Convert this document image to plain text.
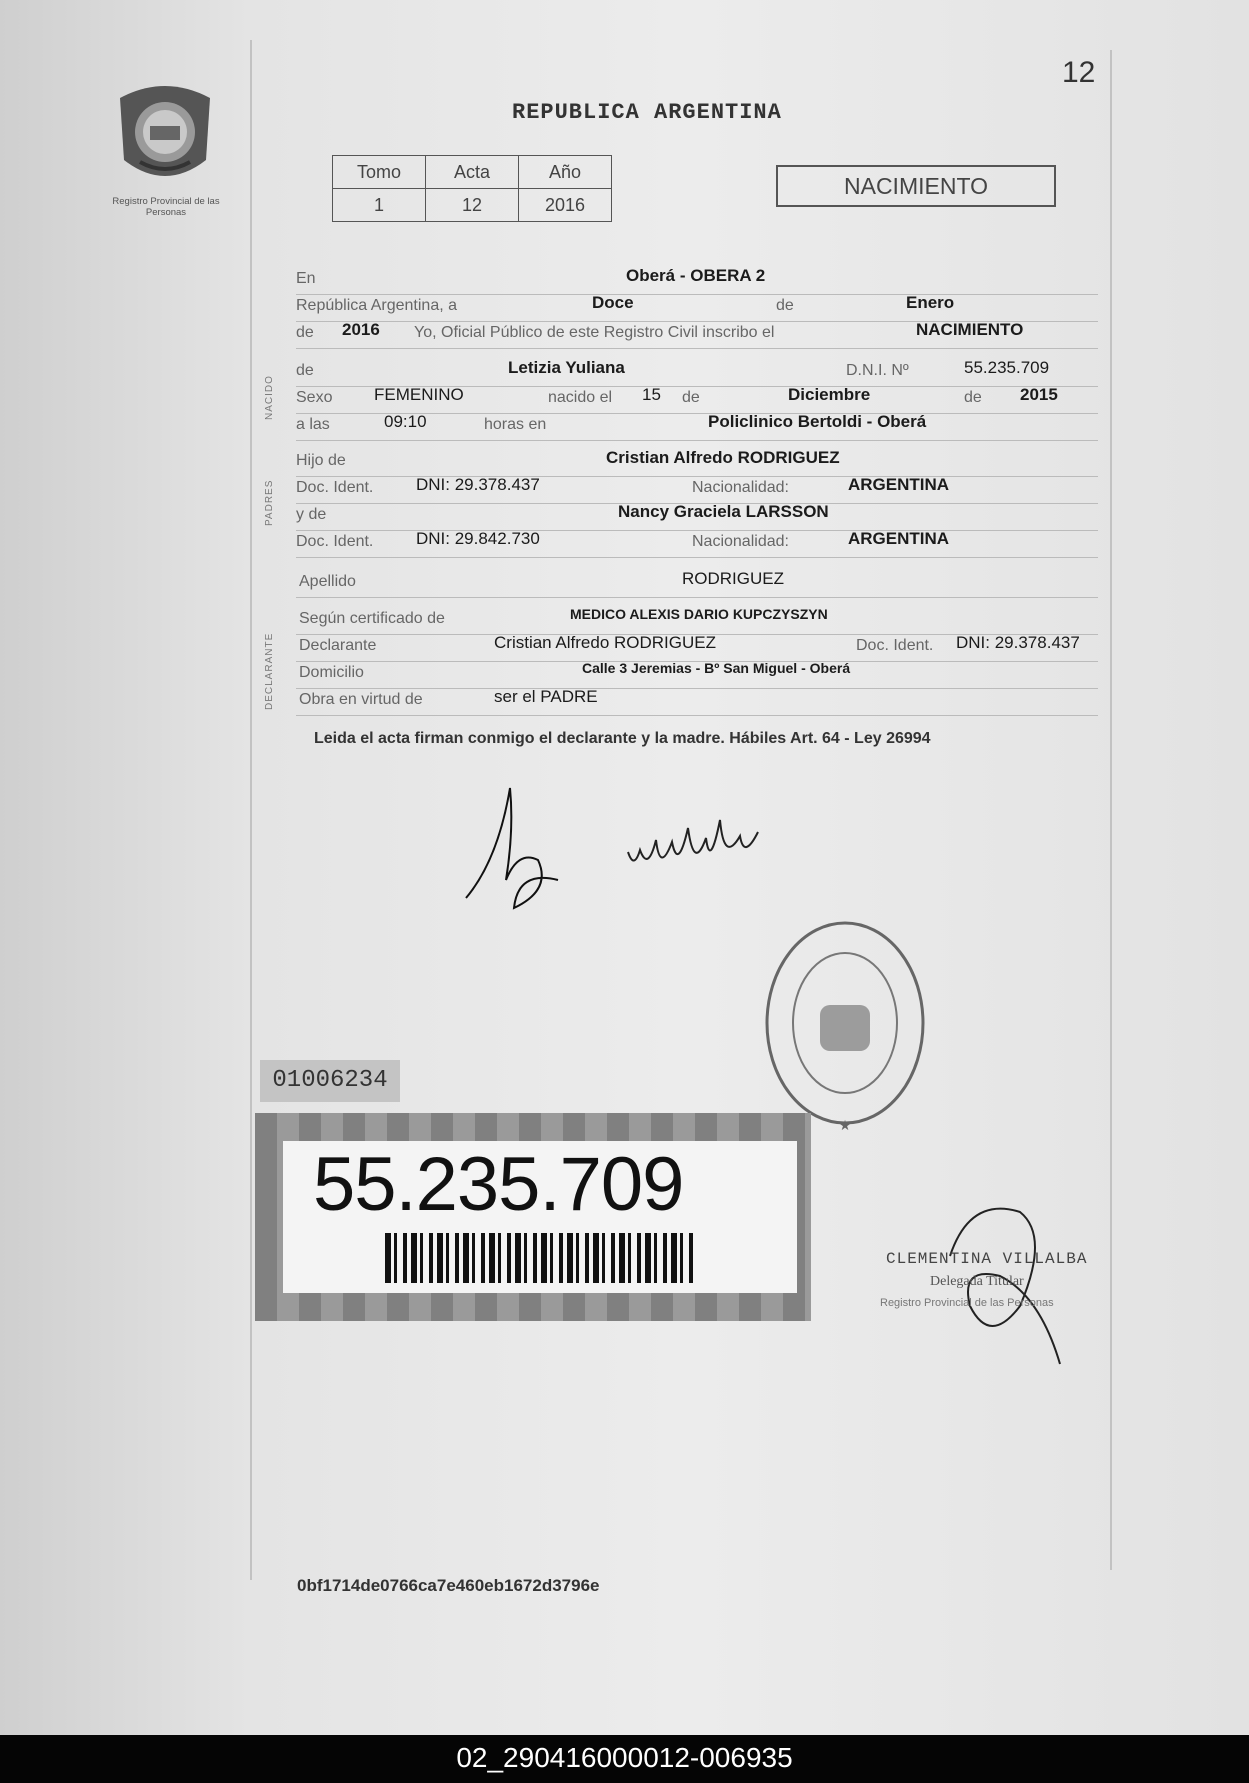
Registro Provincial de las Personas
12
REPUBLICA ARGENTINA
Tomo	Acta	Año
1	12	2016
NACIMIENTO
NACIDO
PADRES
DECLARANTE
En	Oberá - OBERA 2
República Argentina, a	Doce	de	Enero
de 2016 Yo, Oficial Público de este Registro Civil inscribo el	NACIMIENTO
de	Letizia Yuliana	D.N.I. Nº	55.235.709
Sexo FEMENINO	nacido el 15 de	Diciembre	de 2015
a las	09:10	horas en	Policlinico Bertoldi - Oberá
Hijo de	Cristian Alfredo RODRIGUEZ
Doc. Ident.	DNI: 29.378.437	Nacionalidad:	ARGENTINA
y de	Nancy Graciela LARSSON
Doc. Ident.	DNI: 29.842.730	Nacionalidad:	ARGENTINA
Apellido	RODRIGUEZ
Según certificado de	MEDICO ALEXIS DARIO KUPCZYSZYN
Declarante	Cristian Alfredo RODRIGUEZ	Doc. Ident. DNI: 29.378.437
Domicilio	Calle 3 Jeremias - Bº San Miguel - Oberá
Obra en virtud de	ser el PADRE
Leida el acta firman conmigo el declarante y la madre. Hábiles Art. 64 - Ley 26994
★
01006234
55.235.709
CLEMENTINA VILLALBA
Delegada Titular
Registro Provincial de las Personas
0bf1714de0766ca7e460eb1672d3796e
02_290416000012-006935
